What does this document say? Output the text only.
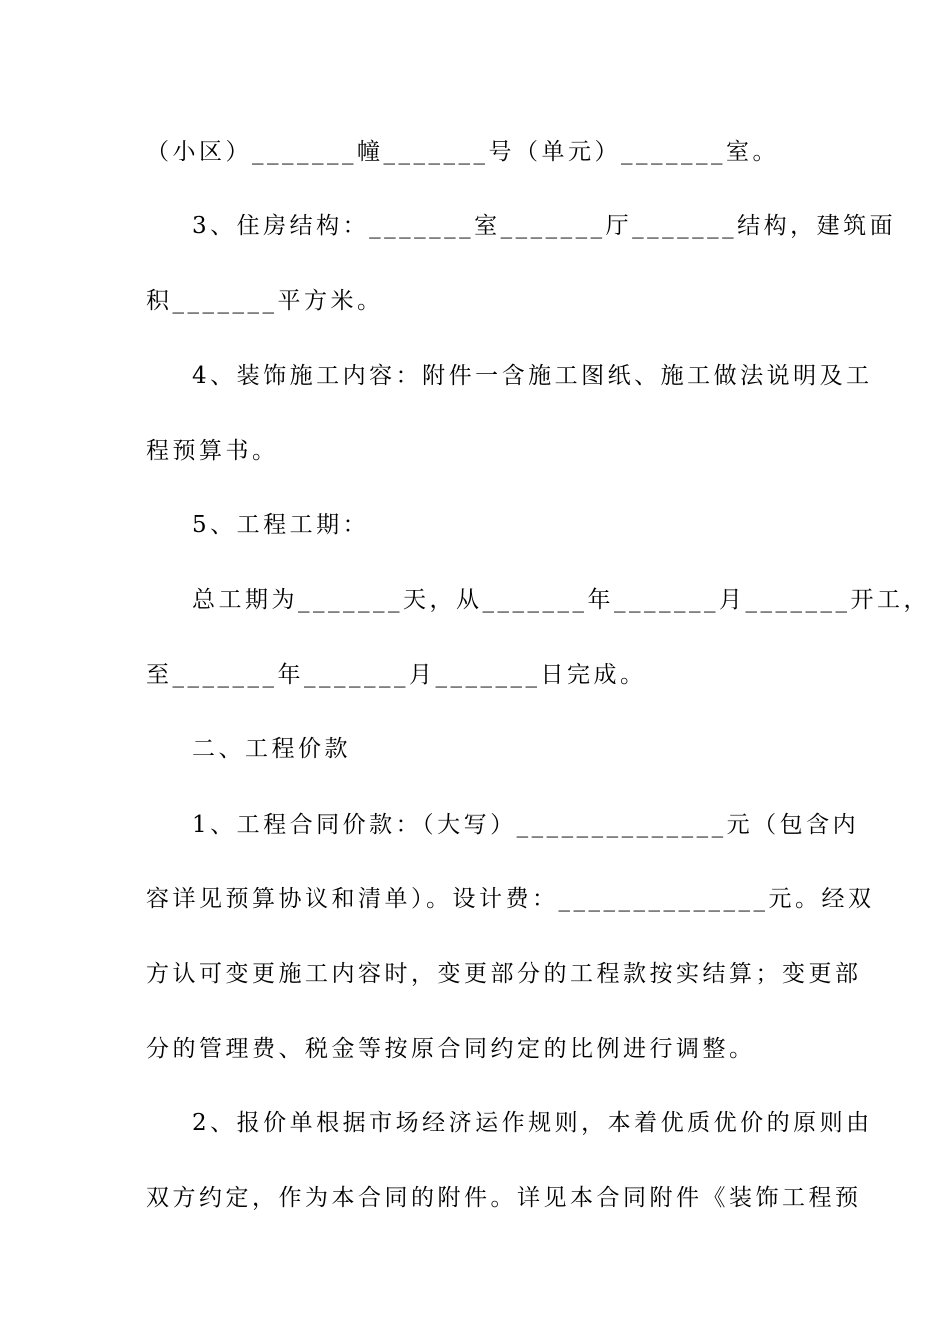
（小区）_______幢_______号（单元）_______室。
3、住房结构：_______室_______厅_______结构，建筑面
积_______平方米。
4、装饰施工内容：附件一含施工图纸、施工做法说明及工
程预算书。
5、工程工期：
总工期为_______天，从_______年_______月_______开工，
至_______年_______月_______日完成。
二、工程价款
1、工程合同价款：（大写）______________元（包含内
容详见预算协议和清单）。设计费：______________元。经双
方认可变更施工内容时，变更部分的工程款按实结算；变更部
分的管理费、税金等按原合同约定的比例进行调整。
2、报价单根据市场经济运作规则，本着优质优价的原则由
双方约定，作为本合同的附件。详见本合同附件《装饰工程预
